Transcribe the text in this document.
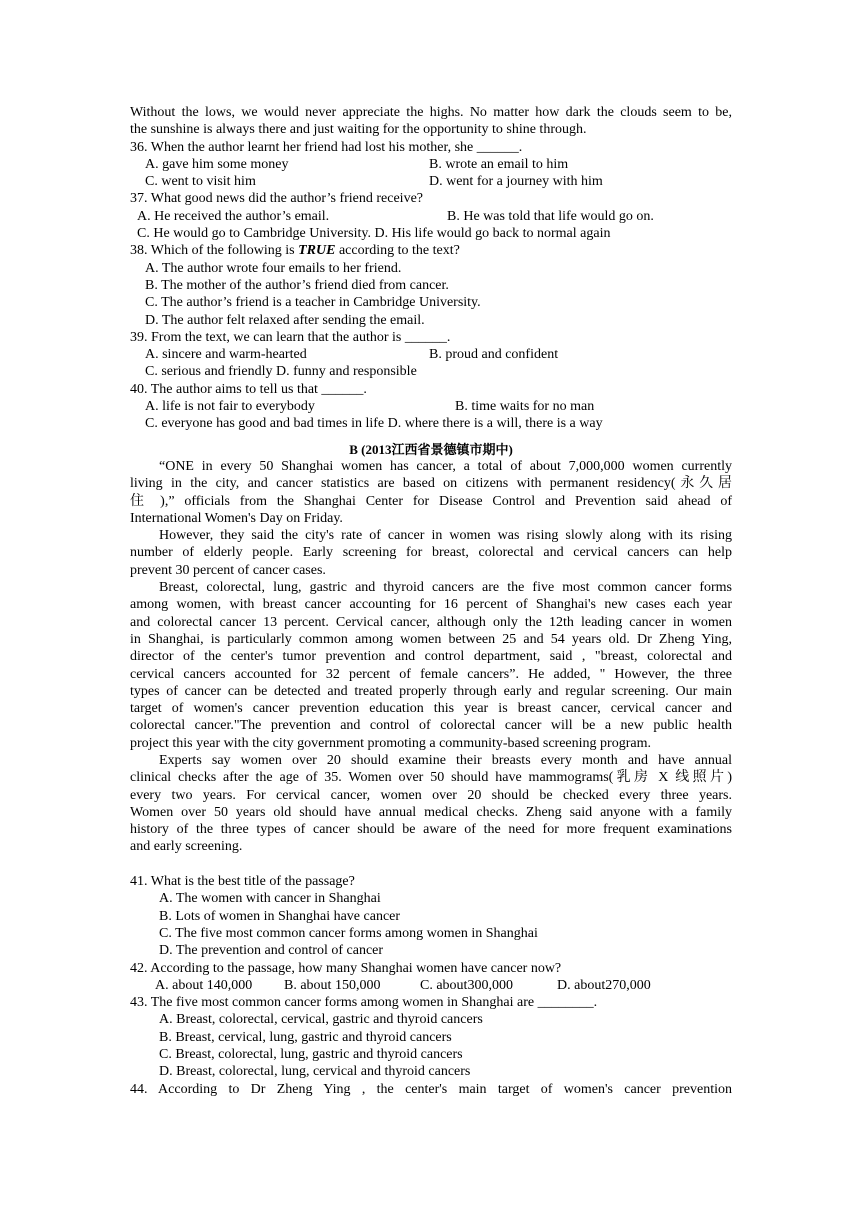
Without the lows, we would never appreciate the highs. No matter how dark the clouds seem to be,
the sunshine is always there and just waiting for the opportunity to shine through.
36. When the author learnt her friend had lost his mother, she ______.
A. gave him some money	B. wrote an email to him
C. went to visit him	D. went for a journey with him
37. What good news did the author’s friend receive?
A. He received the author’s email.	B. He was told that life would go on.
C. He would go to Cambridge University. D. His life would go back to normal again
38. Which of the following is TRUE according to the text?
A. The author wrote four emails to her friend.
B. The mother of the author’s friend died from cancer.
C. The author’s friend is a teacher in Cambridge University.
D. The author felt relaxed after sending the email.
39. From the text, we can learn that the author is ______.
A. sincere and warm-hearted	B. proud and confident
C. serious and friendly D. funny and responsible
40. The author aims to tell us that ______.
A. life is not fair to everybody	B. time waits for no man
C. everyone has good and bad times in life D. where there is a will, there is a way
B (2013江西省景德镇市期中)
“ONE in every 50 Shanghai women has cancer, a total of about 7,000,000 women currently
living in the city, and cancer statistics are based on citizens with permanent residency(永久居
住 ),” officials from the Shanghai Center for Disease Control and Prevention said ahead of
International Women's Day on Friday.
However, they said the city's rate of cancer in women was rising slowly along with its rising
number of elderly people. Early screening for breast, colorectal and cervical cancers can help
prevent 30 percent of cancer cases.
Breast, colorectal, lung, gastric and thyroid cancers are the five most common cancer forms
among women, with breast cancer accounting for 16 percent of Shanghai's new cases each year
and colorectal cancer 13 percent. Cervical cancer, although only the 12th leading cancer in women
in Shanghai, is particularly common among women between 25 and 54 years old. Dr Zheng Ying,
director of the center's tumor prevention and control department, said , "breast, colorectal and
cervical cancers accounted for 32 percent of female cancers”. He added, " However, the three
types of cancer can be detected and treated properly through early and regular screening. Our main
target of women's cancer prevention education this year is breast cancer, cervical cancer and
colorectal cancer."The prevention and control of colorectal cancer will be a new public health
project this year with the city government promoting a community-based screening program.
Experts say women over 20 should examine their breasts every month and have annual
clinical checks after the age of 35. Women over 50 should have mammograms(乳房 X 线照片)
every two years. For cervical cancer, women over 20 should be checked every three years.
Women over 50 years old should have annual medical checks. Zheng said anyone with a family
history of the three types of cancer should be aware of the need for more frequent examinations
and early screening.
41. What is the best title of the passage?
A. The women with cancer in Shanghai
B. Lots of women in Shanghai have cancer
C. The five most common cancer forms among women in Shanghai
D. The prevention and control of cancer
42. According to the passage, how many Shanghai women have cancer now?
A. about 140,000	B. about 150,000	C. about300,000	D. about270,000
43. The five most common cancer forms among women in Shanghai are ________.
A. Breast, colorectal, cervical, gastric and thyroid cancers
B. Breast, cervical, lung, gastric and thyroid cancers
C. Breast, colorectal, lung, gastric and thyroid cancers
D. Breast, colorectal, lung, cervical and thyroid cancers
44. According to Dr Zheng Ying , the center's main target of women's cancer prevention
